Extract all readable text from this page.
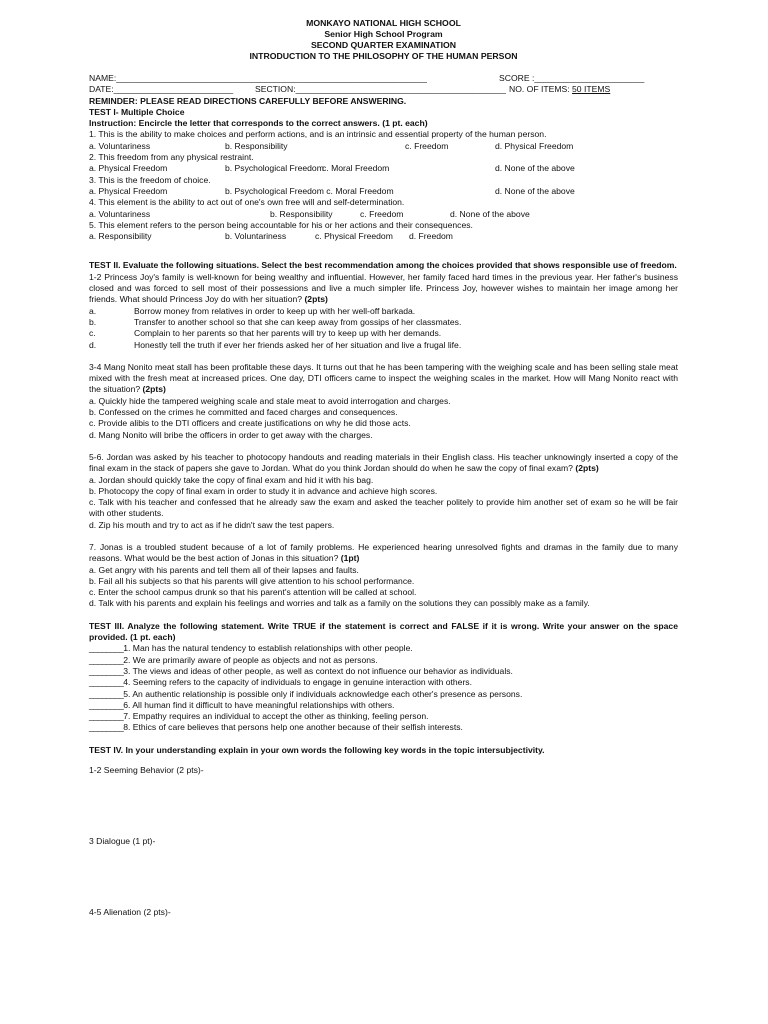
MONKAYO NATIONAL HIGH SCHOOL
Senior High School Program
SECOND QUARTER EXAMINATION
INTRODUCTION TO THE PHILOSOPHY OF THE HUMAN PERSON
NAME:_________________________________________________________________	SCORE :_______________________
DATE:_________________________	SECTION:____________________________________________ NO. OF ITEMS:
50 ITEMS
REMINDER: PLEASE READ DIRECTIONS CAREFULLY BEFORE ANSWERING.
TEST I- Multiple Choice
Instruction: Encircle the letter that corresponds to the correct answers. (1 pt. each)
1. This is the ability to make choices and perform actions, and is an intrinsic and essential property of the human person.
a. Voluntariness	b. Responsibility	c. Freedom	d. Physical Freedom
2. This freedom from any physical restraint.
a. Physical Freedom	b. Psychological Freedom
c. Moral Freedom	d. None of the above
3. This is the freedom of choice.
a. Physical Freedom	b. Psychological Freedom c. Moral Freedom	d. None of the above
4. This element is the ability to act out of one's own free will and self-determination.
a. Voluntariness	b. Responsibility	c. Freedom	d. None of the above
5. This element refers to the person being accountable for his or her actions and their consequences.
a. Responsibility	b. Voluntariness	c. Physical Freedom	d. Freedom
TEST II. Evaluate the following situations. Select the best recommendation among the choices provided that shows responsible use of freedom.
1-2 Princess Joy's family is well-known for being wealthy and influential. However, her family faced hard times in the previous year. Her father's business closed and was forced to sell most of their possessions and live a much simpler life. Princess Joy, however wishes to maintain her image among her friends. What should Princess Joy do with her situation? (2pts)
a.	Borrow money from relatives in order to keep up with her well-off barkada.
b.	Transfer to another school so that she can keep away from gossips of her classmates.
c.	Complain to her parents so that her parents will try to keep up with her demands.
d.	Honestly tell the truth if ever her friends asked her of her situation and live a frugal life.
3-4 Mang Nonito meat stall has been profitable these days. It turns out that he has been tampering with the weighing scale and has been selling stale meat mixed with the fresh meat at increased prices. One day, DTI officers came to inspect the weighing scales in the market. How will Mang Nonito react with the situation? (2pts)
a. Quickly hide the tampered weighing scale and stale meat to avoid interrogation and charges.
b. Confessed on the crimes he committed and faced charges and consequences.
c. Provide alibis to the DTI officers and create justifications on why he did those acts.
d. Mang Nonito will bribe the officers in order to get away with the charges.
5-6. Jordan was asked by his teacher to photocopy handouts and reading materials in their English class. His teacher unknowingly inserted a copy of the final exam in the stack of papers she gave to Jordan. What do you think Jordan should do when he saw the copy of final exam? (2pts)
a. Jordan should quickly take the copy of final exam and hid it with his bag.
b. Photocopy the copy of final exam in order to study it in advance and achieve high scores.
c. Talk with his teacher and confessed that he already saw the exam and asked the teacher politely to provide him another set of exam so he will be fair with other students.
d. Zip his mouth and try to act as if he didn't saw the test papers.
7. Jonas is a troubled student because of a lot of family problems. He experienced hearing unresolved fights and dramas in the family due to many reasons. What would be the best action of Jonas in this situation? (1pt)
a. Get angry with his parents and tell them all of their lapses and faults.
b. Fail all his subjects so that his parents will give attention to his school performance.
c. Enter the school campus drunk so that his parent's attention will be called at school.
d. Talk with his parents and explain his feelings and worries and talk as a family on the solutions they can possibly make as a family.
TEST III. Analyze the following statement. Write TRUE if the statement is correct and FALSE if it is wrong. Write your answer on the space provided. (1 pt. each)
________ 1. Man has the natural tendency to establish relationships with other people.
________ 2. We are primarily aware of people as objects and not as persons.
________ 3. The views and ideas of other people, as well as context do not influence our behavior as individuals.
________ 4. Seeming refers to the capacity of individuals to engage in genuine interaction with others.
________ 5. An authentic relationship is possible only if individuals acknowledge each other's presence as persons.
________ 6. All human find it difficult to have meaningful relationships with others.
________ 7. Empathy requires an individual to accept the other as thinking, feeling person.
________ 8. Ethics of care believes that persons help one another because of their selfish interests.
TEST IV. In your understanding explain in your own words the following key words in the topic intersubjectivity.
1-2 Seeming Behavior (2 pts)-
3 Dialogue (1 pt)-
4-5 Alienation (2 pts)-
